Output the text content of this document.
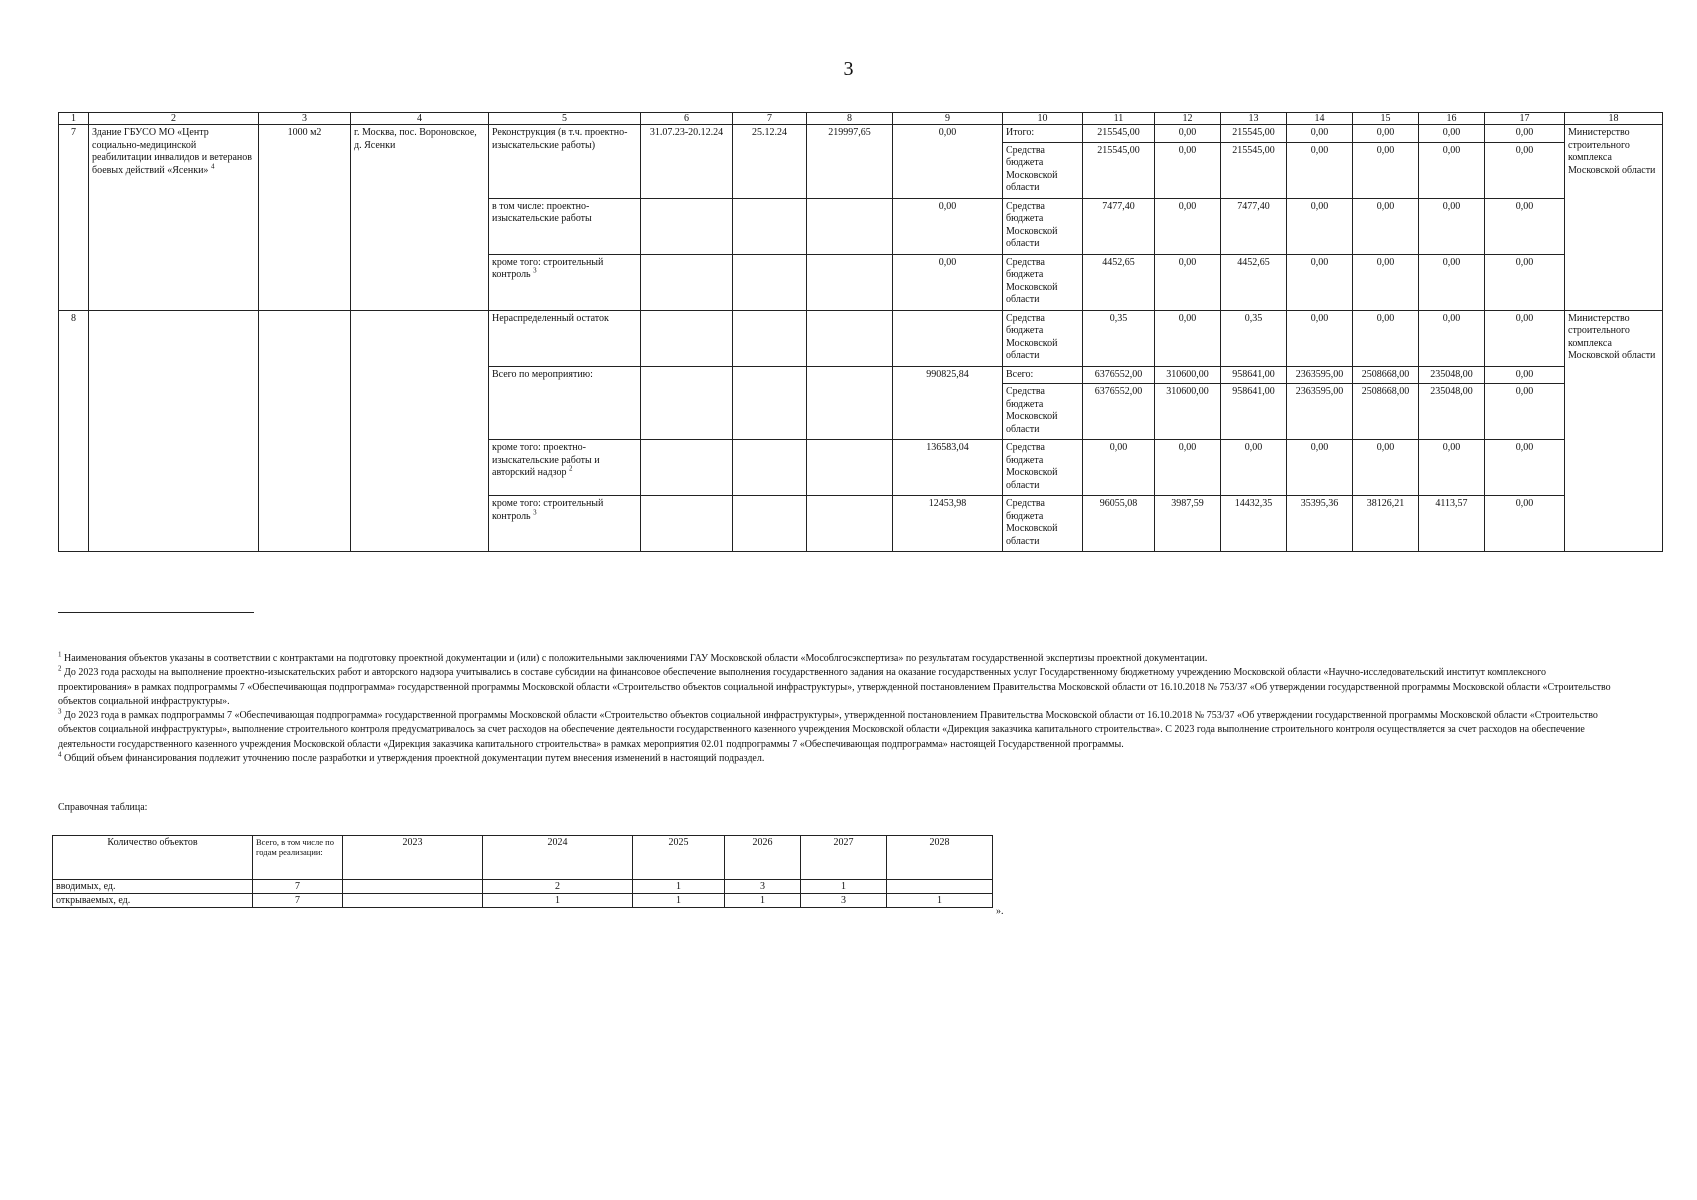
3
1	2	3	4	5	6	7	8	9	10	11	12	13	14	15	16	17	18
7	Здание ГБУСО МО «Центр социально-медицинской реабилитации инвалидов и ветеранов боевых действий «Ясенки» $^4$	1000 м2	г. Москва, пос. Вороновское, д. Ясенки	Реконструкция (в т.ч. проектно-изыскательские работы)	31.07.23-20.12.24	25.12.24	219997,65	0,00	Итого:	215545,00	0,00	215545,00	0,00	0,00	0,00	0,00	Министерство строительного комплекса Московской области
									Средства бюджета Московской области	215545,00	0,00	215545,00	0,00	0,00	0,00	0,00	
				в том числе: проектно-изыскательские работы				0,00	Средства бюджета Московской области	7477,40	0,00	7477,40	0,00	0,00	0,00	0,00	
				кроме того: строительный контроль $^3$				0,00	Средства бюджета Московской области	4452,65	0,00	4452,65	0,00	0,00	0,00	0,00	
8				Нераспределенный остаток					Средства бюджета Московской области	0,35	0,00	0,35	0,00	0,00	0,00	0,00	Министерство строительного комплекса Московской области
				Всего по мероприятию:				990825,84	Всего:	6376552,00	310600,00	958641,00	2363595,00	2508668,00	235048,00	0,00	
									Средства бюджета Московской области	6376552,00	310600,00	958641,00	2363595,00	2508668,00	235048,00	0,00	
				кроме того: проектно-изыскательские работы и авторский надзор $^2$				136583,04	Средства бюджета Московской области	0,00	0,00	0,00	0,00	0,00	0,00	0,00	
				кроме того: строительный контроль $^3$				12453,98	Средства бюджета Московской области	96055,08	3987,59	14432,35	35395,36	38126,21	4113,57	0,00	

$^1$ Наименования объектов указаны в соответствии с контрактами на подготовку проектной документации и (или) с положительными заключениями ГАУ Московской области «Мособлгосэкспертиза» по результатам государственной экспертизы проектной документации.

$^2$ До 2023 года расходы на выполнение проектно-изыскательских работ и авторского надзора учитывались в составе субсидии на финансовое обеспечение выполнения государственного задания на оказание государственных услуг Государственному бюджетному учреждению Московской области «Научно-исследовательский институт комплексного проектирования» в рамках подпрограммы 7 «Обеспечивающая подпрограмма» государственной программы Московской области «Строительство объектов социальной инфраструктуры», утвержденной постановлением Правительства Московской области от 16.10.2018 № 753/37 «Об утверждении государственной программы Московской области «Строительство объектов социальной инфраструктуры».

$^3$ До 2023 года в рамках подпрограммы 7 «Обеспечивающая подпрограмма» государственной программы Московской области «Строительство объектов социальной инфраструктуры», утвержденной постановлением Правительства Московской области от 16.10.2018 № 753/37 «Об утверждении государственной программы Московской области «Строительство объектов социальной инфраструктуры», выполнение строительного контроля предусматривалось за счет расходов на обеспечение деятельности государственного казенного учреждения Московской области «Дирекция заказчика капитального строительства». С 2023 года выполнение строительного контроля осуществляется за счет расходов на обеспечение деятельности государственного казенного учреждения Московской области «Дирекция заказчика капитального строительства» в рамках мероприятия 02.01 подпрограммы 7 «Обеспечивающая подпрограмма» настоящей Государственной программы.

$^4$ Общий объем финансирования подлежит уточнению после разработки и утверждения проектной документации путем внесения изменений в настоящий подраздел.

Справочная таблица:
Количество объектов	Всего, в том числе по годам реализации:	2023	2024	2025	2026	2027	2028
вводимых, ед.	7		2	1	3	1	
открываемых, ед.	7		1	1	1	3	1
».
